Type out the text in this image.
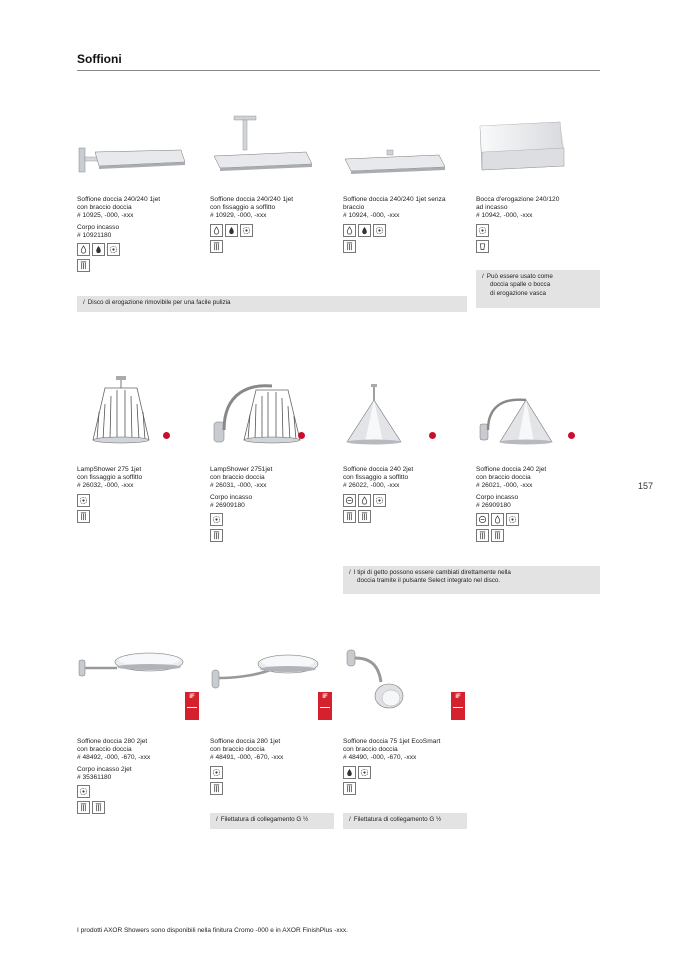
Soffioni
157
Soffione doccia 240/240 1jet
con braccio doccia
# 10925, -000, -xxx
Corpo incasso
# 10921180
Soffione doccia 240/240 1jet
con fissaggio a soffitto
# 10929, -000, -xxx
Soffione doccia 240/240 1jet senza
braccio
# 10924, -000, -xxx
Bocca d'erogazione 240/120
ad incasso
# 10942, -000, -xxx
/ Disco di erogazione rimovibile per una facile pulizia
/ Può essere usato come
doccia spalle o bocca
di erogazione vasca
LampShower 275 1jet
con fissaggio a soffitto
# 26032, -000, -xxx
LampShower 2751jet
con braccio doccia
# 26031, -000, -xxx
Corpo incasso
# 26909180
Soffione doccia 240 2jet
con fissaggio a soffitto
# 26022, -000, -xxx
Soffione doccia 240 2jet
con braccio doccia
# 26021, -000, -xxx
Corpo incasso
# 26909180
/ I tipi di getto possono essere cambiati direttamente nella
doccia tramite il pulsante Select integrato nel disco.
iF
Soffione doccia 280 2jet
con braccio doccia
# 48492, -000, -670, -xxx
Corpo incasso 2jet
# 35361180
iF
Soffione doccia 280 1jet
con braccio doccia
# 48491, -000, -670, -xxx
iF
Soffione doccia 75 1jet EcoSmart
con braccio doccia
# 48490, -000, -670, -xxx
/ Filettatura di collegamento G ½	/ Filettatura di collegamento G ½
I prodotti AXOR Showers sono disponibili nella finitura Cromo -000 e in AXOR FinishPlus -xxx.
